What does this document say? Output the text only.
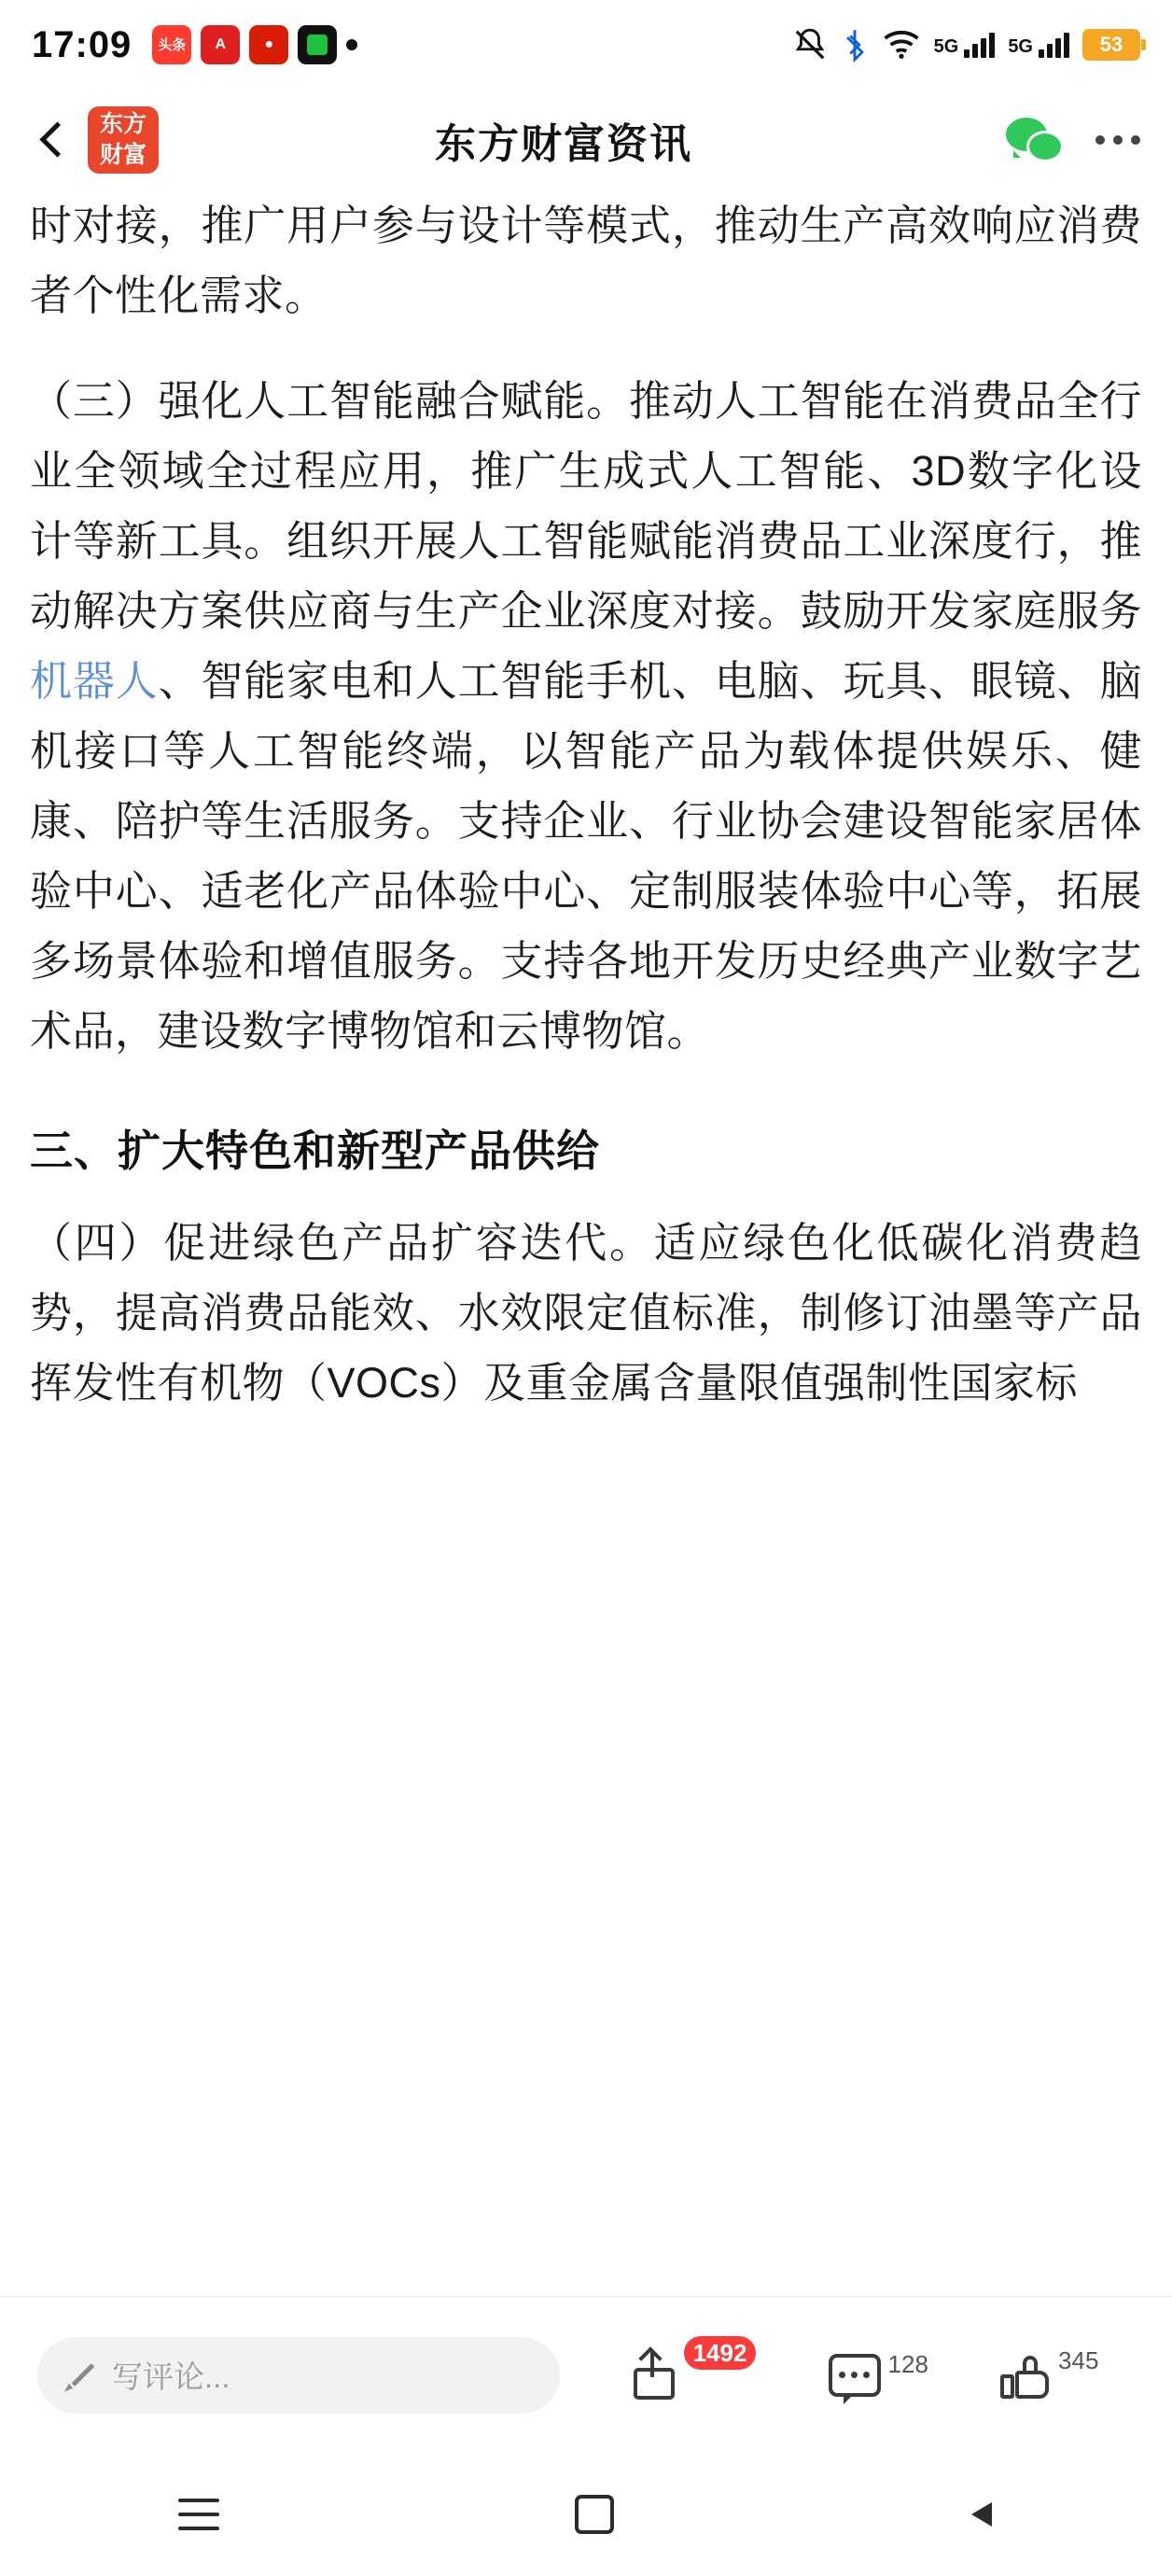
17:09 头条	A	●	5G	5G	53
东方
财富	东方财富资讯

时对接，推广用户参与设计等模式，推动生产高效响应消费者个性化需求。

（三）强化人工智能融合赋能。推动人工智能在消费品全行业全领域全过程应用，推广生成式人工智能、3D数字化设计等新工具。组织开展人工智能赋能消费品工业深度行，推动解决方案供应商与生产企业深度对接。鼓励开发家庭服务机器人、智能家电和人工智能手机、电脑、玩具、眼镜、脑机接口等人工智能终端，以智能产品为载体提供娱乐、健康、陪护等生活服务。支持企业、行业协会建设智能家居体验中心、适老化产品体验中心、定制服装体验中心等，拓展多场景体验和增值服务。支持各地开发历史经典产业数字艺术品，建设数字博物馆和云博物馆。

三、扩大特色和新型产品供给

（四）促进绿色产品扩容迭代。适应绿色化低碳化消费趋势，提高消费品能效、水效限定值标准，制修订油墨等产品挥发性有机物（VOCs）及重金属含量限值强制性国家标

写评论...
1492	128	345
